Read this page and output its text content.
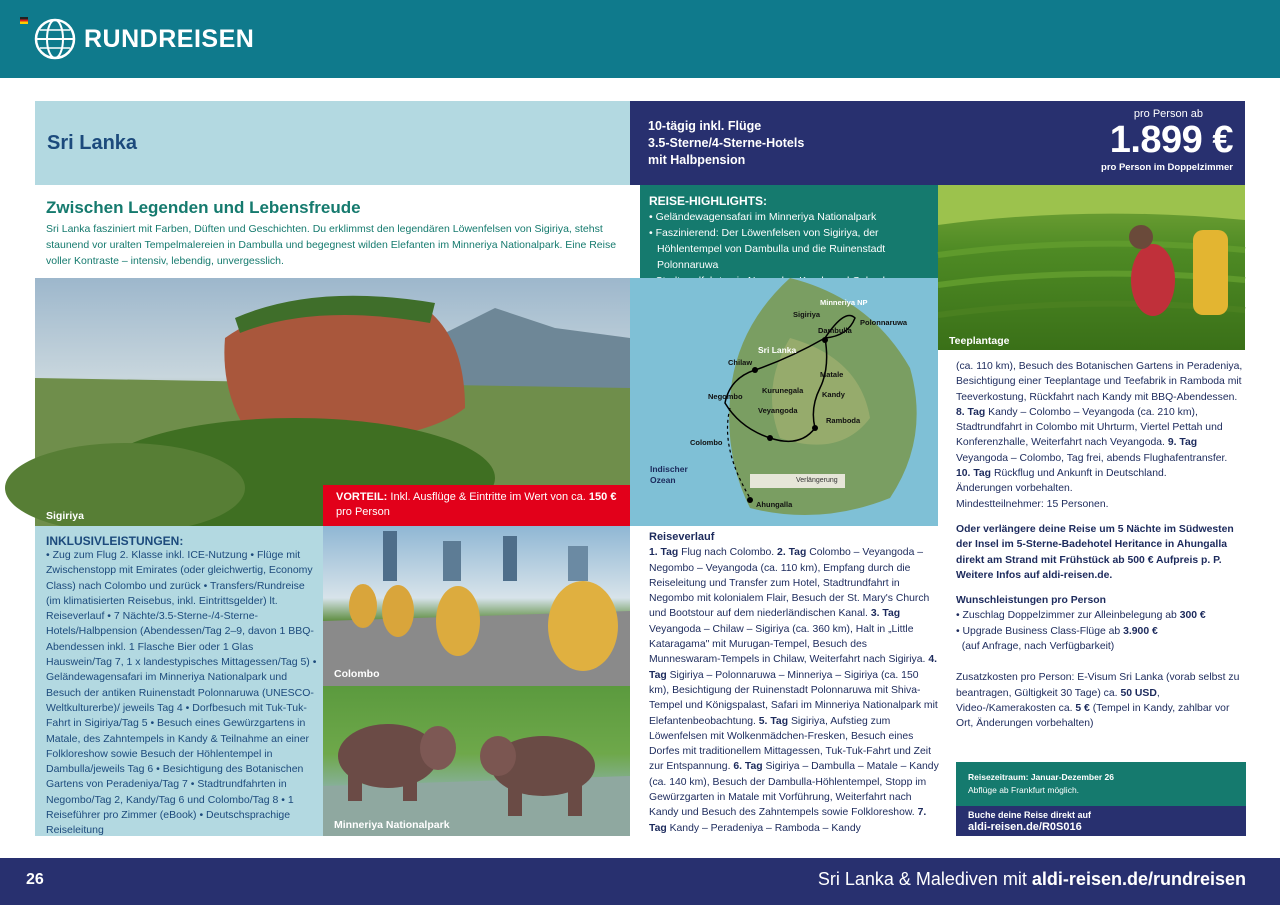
RUNDREISEN
Sri Lanka
10-tägig inkl. Flüge
3.5-Sterne/4-Sterne-Hotels
mit Halbpension
pro Person ab
1.899 €
pro Person im Doppelzimmer
Zwischen Legenden und Lebensfreude

Sri Lanka fasziniert mit Farben, Düften und Geschichten. Du erklimmst den legendären Löwenfelsen von Sigiriya, stehst staunend vor uralten Tempelmalereien in Dambulla und begegnest wilden Elefanten im Minneriya Nationalpark. Eine Reise voller Kontraste – intensiv, lebendig, unvergesslich.

REISE-HIGHLIGHTS:
• Geländewagensafari im Minneriya Nationalpark
• Faszinierend: Der Löwenfelsen von Sigiriya, der Höhlentempel von Dambulla und die Ruinenstadt Polonnaruwa
Teeplantage
Sigiriya
Sri Lanka
Indischer Ozean	Verlängerung
Minneriya NP
Sigiriya
Dambulla
Polonnaruwa
Chilaw
Matale
Kurunegala Kandy
Negombo
Veyangoda
Ramboda
Colombo
Ahungalla
VORTEIL: Inkl. Ausflüge & Eintritte im Wert von ca. 150 € pro Person
Colombo
Minneriya Nationalpark
INKLUSIVLEISTUNGEN:

• Zug zum Flug 2. Klasse inkl. ICE-Nutzung • Flüge mit Zwischenstopp mit Emirates (oder gleichwertig, Economy Class) nach Colombo und zurück • Transfers/Rundreise (im klimatisierten Reisebus, inkl. Eintrittsgelder) lt. Reiseverlauf • 7 Nächte/3.5-Sterne-/4-Sterne-Hotels/Halbpension (Abendessen/Tag 2–9, davon 1 BBQ-Abendessen inkl. 1 Flasche Bier oder 1 Glas Hauswein/Tag 7, 1 x landestypisches Mittagessen/Tag 5) • Geländewagensafari im Minneriya Nationalpark und Besuch der antiken Ruinenstadt Polonnaruwa (UNESCO-Weltkulturerbe)/ jeweils Tag 4 • Dorfbesuch mit Tuk-Tuk-Fahrt in Sigiriya/Tag 5 • Besuch eines Gewürzgartens in Matale, des Zahntempels in Kandy & Teilnahme an einer Folkloreshow sowie Besuch der Höhlentempel in Dambulla/jeweils Tag 6 • Besichtigung des Botanischen Gartens von Peradeniya/Tag 7 • Stadtrundfahrten in Negombo/Tag 2, Kandy/Tag 6 und Colombo/Tag 8 • 1 Reiseführer pro Zimmer (eBook) • Deutschsprachige Reiseleitung

Reiseverlauf
1. Tag Flug nach Colombo. 2. Tag Colombo – Veyangoda – Negombo – Veyangoda (ca. 110 km), Empfang durch die Reiseleitung und Transfer zum Hotel, Stadtrundfahrt in Negombo mit kolonialem Flair, Besuch der St. Mary's Church und Bootstour auf dem niederländischen Kanal. 3. Tag Veyangoda – Chilaw – Sigiriya (ca. 360 km), Halt in „Little Kataragama" mit Murugan-Tempel, Besuch des Munneswaram-Tempels in Chilaw, Weiterfahrt nach Sigiriya. 4. Tag Sigiriya – Polonnaruwa – Minneriya – Sigiriya (ca. 150 km), Besichtigung der Ruinenstadt Polonnaruwa mit Shiva-Tempel und Königspalast, Safari im Minneriya Nationalpark mit Elefantenbeobachtung. 5. Tag Sigiriya, Aufstieg zum Löwenfelsen mit Wolkenmädchen-Fresken, Besuch eines Dorfes mit traditionellem Mittagessen, Tuk-Tuk-Fahrt und Zeit zur Entspannung. 6. Tag Sigiriya – Dambulla – Matale – Kandy (ca. 140 km), Besuch der Dambulla-Höhlentempel, Stopp im Gewürzgarten in Matale mit Vorführung, Weiterfahrt nach Kandy und Besuch des Zahntempels sowie Folkloreshow. 7. Tag Kandy – Peradeniya – Ramboda – Kandy
(ca. 110 km), Besuch des Botanischen Gartens in Peradeniya, Besichtigung einer Teeplantage und Teefabrik in Ramboda mit Teeverkostung, Rückfahrt nach Kandy mit BBQ-Abendessen. 8. Tag Kandy – Colombo – Veyangoda (ca. 210 km), Stadtrundfahrt in Colombo mit Uhrturm, Viertel Pettah und Konferenzhalle, Weiterfahrt nach Veyangoda. 9. Tag Veyangoda – Colombo, Tag frei, abends Flughafentransfer.
10. Tag Rückflug und Ankunft in Deutschland.
Änderungen vorbehalten.
Mindestteilnehmer: 15 Personen.
Oder verlängere deine Reise um 5 Nächte im Südwesten der Insel im 5-Sterne-Badehotel Heritance in Ahungalla direkt am Strand mit Frühstück ab 500 € Aufpreis p. P. Weitere Infos auf aldi-reisen.de.
Wunschleistungen pro Person
• Zuschlag Doppelzimmer zur Alleinbelegung ab 300 €
• Upgrade Business Class-Flüge ab 3.900 €
(auf Anfrage, nach Verfügbarkeit)
Zusatzkosten pro Person: E-Visum Sri Lanka (vorab selbst zu beantragen, Gültigkeit 30 Tage) ca. 50 USD, Video-/Kamerakosten ca. 5 € (Tempel in Kandy, zahlbar vor Ort, Änderungen vorbehalten)
Reisezeitraum: Januar-Dezember 26
Abflüge ab Frankfurt möglich.
Buche deine Reise direkt auf
aldi-reisen.de/R0S016
26	Sri Lanka & Malediven mit aldi-reisen.de/rundreisen
